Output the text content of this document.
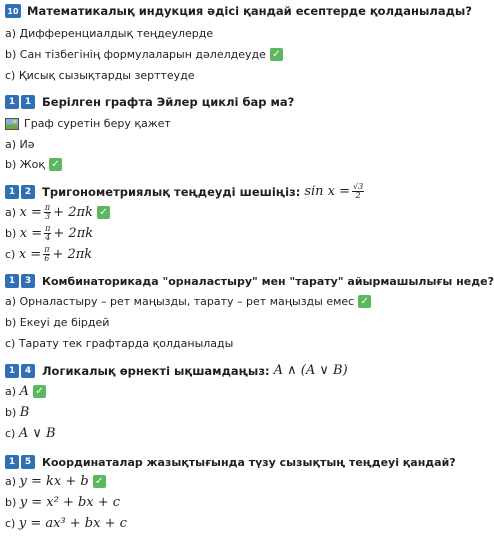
10 Математикалық индукция әдісі қандай есептерде қолданылады?
a) Дифференциалдық теңдеулерде
b) Сан тізбегінің формулаларын дәлелдеуде ✓
c) Қисық сызықтарды зерттеуде
1	1 Берілген графта Эйлер циклі бар ма?
Граф суретін беру қажет
a) Иә
b) Жоқ ✓
1	2 Тригонометриялық теңдеуді шешіңіз: $\sin x = \frac{√3}{2}$
a)
$x = \frac{\pi}{3} + 2\pi k$ ✓
b)
$x = \frac{\pi}{4} + 2\pi k$
c)
$x = \frac{\pi}{6} + 2\pi k$
1	3 Комбинаторикада "орналастыру" мен "тарату" айырмашылығы неде?
a) Орналастыру – рет маңызды, тарату – рет маңызды емес ✓
b) Екеуі де бірдей
c) Тарату тек графтарда қолданылады
1	4 Логикалық өрнекті ықшамдаңыз: A ∧ (A ∨ B)
a)
A ✓
b)
B
c)
A ∨ B
1	5 Координаталар жазықтығында түзу сызықтың теңдеуі қандай?
a)
y = kx + b ✓
b)
y = x² + bx + c
c)
y = ax³ + bx + c
